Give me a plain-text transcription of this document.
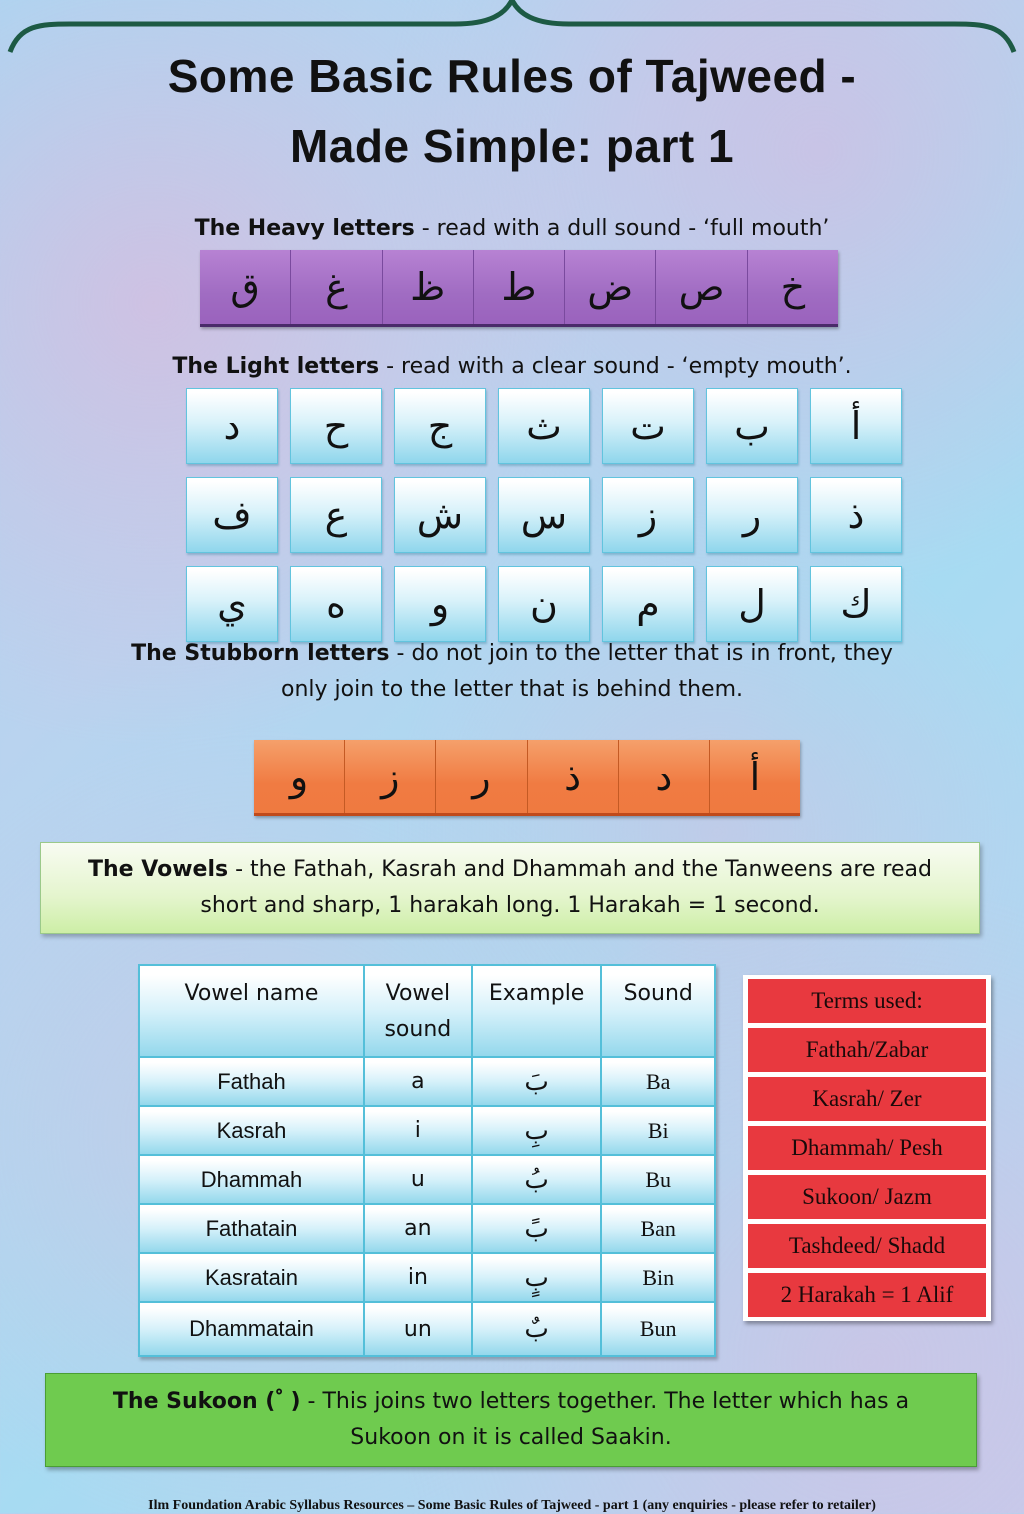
Some Basic Rules of Tajweed -
Made Simple: part 1
The Heavy letters - read with a dull sound - ‘full mouth’
ق	غ	ظ	ط	ض	ص	خ
The Light letters - read with a clear sound - ‘empty mouth’.
د	ح	ج	ث	ت	ب	أ
ف	ع	ش	س	ز	ر	ذ
ي	ه	و	ن	م	ل	ك
The Stubborn letters - do not join to the letter that is in front, they
only join to the letter that is behind them.
و	ز	ر	ذ	د	أ
The Vowels - the Fathah, Kasrah and Dhammah and the Tanweens are read
short and sharp, 1 harakah long. 1 Harakah = 1 second.
Vowel name	Vowel sound	Example	Sound
Fathah	a	بَ	Ba
Kasrah	i	بِ	Bi
Dhammah	u	بُ	Bu
Fathatain	an	بً	Ban
Kasratain	in	بٍ	Bin
Dhammatain	un	بٌ	Bun
Terms used:
Fathah/Zabar
Kasrah/ Zer
Dhammah/ Pesh
Sukoon/ Jazm
Tashdeed/ Shadd
2 Harakah = 1 Alif
The Sukoon ( ْ ) - This joins two letters together. The letter which has a
Sukoon on it is called Saakin.
Ilm Foundation Arabic Syllabus Resources – Some Basic Rules of Tajweed - part 1 (any enquiries - please refer to retailer)
